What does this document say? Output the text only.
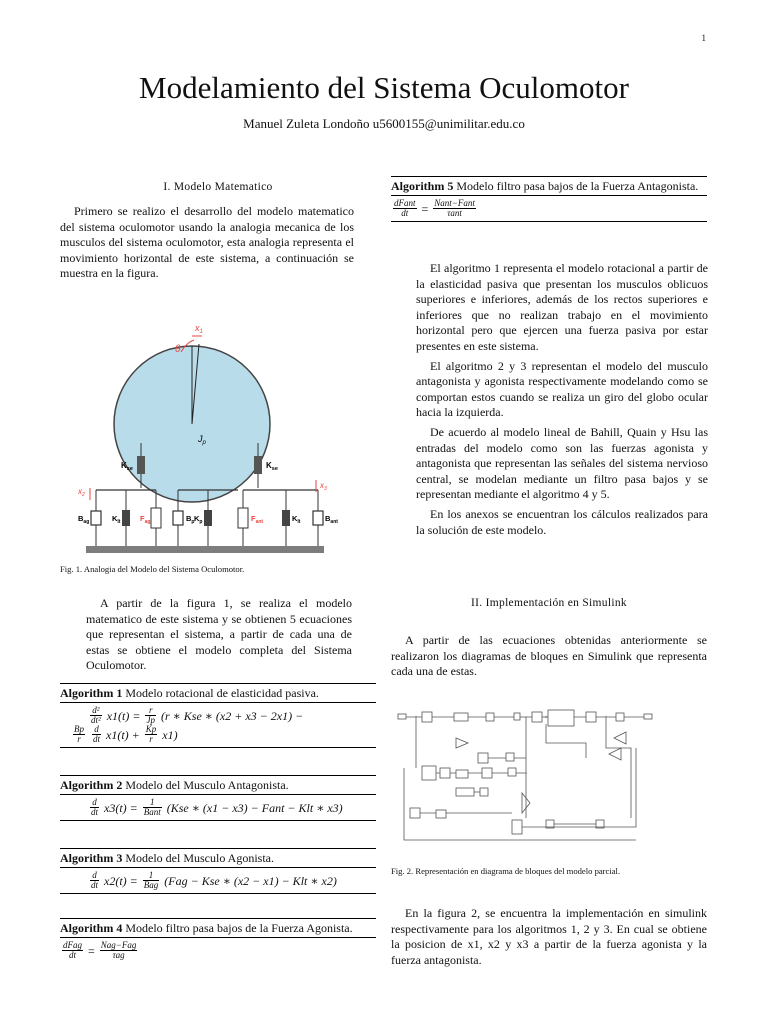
1
Modelamiento del Sistema Oculomotor
Manuel Zuleta Londoño u5600155@unimilitar.edu.co
I. Modelo Matematico

Primero se realizo el desarrollo del modelo matematico del sistema oculomotor usando la analogia mecanica de los musculos del sistema oculomotor, esta analogia representa el movimiento horizontal de este sistema, a continuación se muestra en la figura.

$x_1$
θ
$J_p$
$K_{se}$	$K_{se}$
$B_{ag}$	$K_{lt}$	$F_{ag}$	$B_p$ $K_p$	$F_{ant}$	$K_{lt}$	$B_{ant}$
$x_2$
$x_3$
Fig. 1. Analogia del Modelo del Sistema Oculomotor.

A partir de la figura 1, se realiza el modelo matematico de este sistema y se obtienen 5 ecuaciones que representan el sistema, a partir de cada una de estas se obtiene el modelo completa del Sistema Oculomotor.

Algorithm 1 Modelo rotacional de elasticidad pasiva.
$\frac{\text{d²}}{\text{dt²}} x1(t) = \frac{r}{Jp} (r$ ∗ Kse ∗ (x2 + x3 − 2x1) −
$\frac{Bp}{r} \frac{d}{dt} x1(t) + \frac{Kp}{r} x1$)
Algorithm 2 Modelo del Musculo Antagonista.
$\frac{d}{dt} x3(t) = \frac{1}{\text{Bant}} (Kse$ ∗ (x1 − x3) − Fant − Klt ∗ x3)
Algorithm 3 Modelo del Musculo Agonista.
$\frac{d}{dt} x2(t) = \frac{1}{\text{Bag}} (Fag$ − Kse ∗ (x2 − x1) − Klt ∗ x2)
Algorithm 4 Modelo filtro pasa bajos de la Fuerza Agonista.
$\frac{\text{dFag}}{dt} = \frac{\text{Nag−Fag}}{\text{τag}}$
Algorithm 5 Modelo filtro pasa bajos de la Fuerza Antagonista.
$\frac{\text{dFant}}{dt} = \frac{\text{Nant−Fant}}{\text{τant}}$

El algoritmo 1 representa el modelo rotacional a partir de la elasticidad pasiva que presentan los musculos oblicuos superiores e inferiores, además de los rectos superiores e inferiores que no realizan trabajo en el movimiento horizontal pero que ejercen una fuerza pasiva por estar presentes en este sistema.

El algoritmo 2 y 3 representan el modelo del musculo antagonista y agonista respectivamente modelando como se comportan estos cuando se realiza un giro del globo ocular hacia la izquierda.

De acuerdo al modelo lineal de Bahill, Quain y Hsu las entradas del modelo como son las fuerzas agonista y antagonista que representan las señales del sistema nervioso central, se modelan mediante un filtro pasa bajos y se representan mediante el algoritmo 4 y 5.

En los anexos se encuentran los cálculos realizados para la solución de este modelo.

II. Implementación en Simulink

A partir de las ecuaciones obtenidas anteriormente se realizaron los diagramas de bloques en Simulink que representa cada una de estas.

Fig. 2. Representación en diagrama de bloques del modelo parcial.

En la figura 2, se encuentra la implementación en simulink respectivamente para los algoritmos 1, 2 y 3. En cual se obtiene la posicion de x1, x2 y x3 a partir de la fuerza agonista y la fuerza antagonista.
